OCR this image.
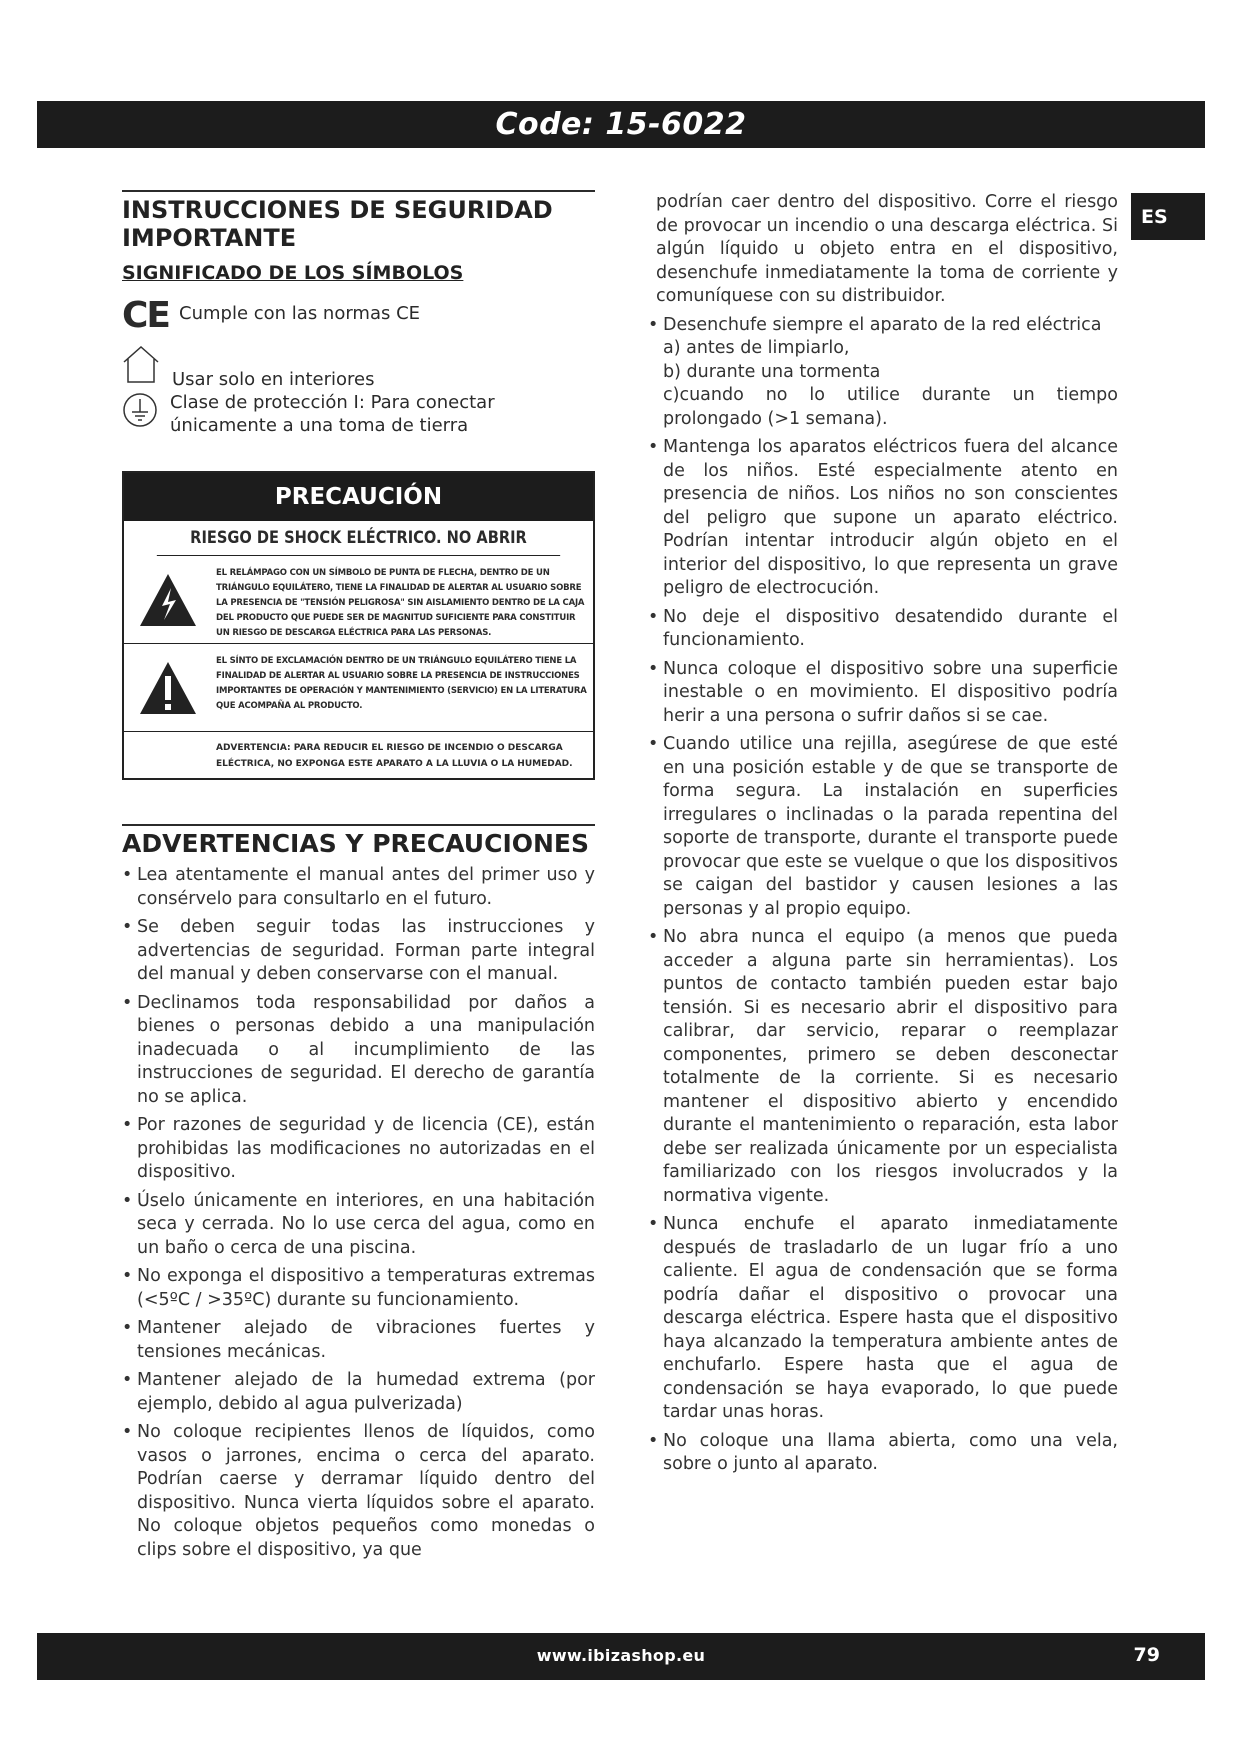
Code: 15-6022
ES
INSTRUCCIONES DE SEGURIDAD IMPORTANTE
SIGNIFICADO DE LOS SÍMBOLOS
CE Cumple con las normas CE
Usar solo en interiores
Clase de protección I: Para conectar únicamente a una toma de tierra
PRECAUCIÓN
RIESGO DE SHOCK ELÉCTRICO. NO ABRIR
EL RELÁMPAGO CON UN SÍMBOLO DE PUNTA DE FLECHA, DENTRO DE UN TRIÁNGULO EQUILÁTERO, TIENE LA FINALIDAD DE ALERTAR AL USUARIO SOBRE LA PRESENCIA DE "TENSIÓN PELIGROSA" SIN AISLAMIENTO DENTRO DE LA CAJA DEL PRODUCTO QUE PUEDE SER DE MAGNITUD SUFICIENTE PARA CONSTITUIR UN RIESGO DE DESCARGA ELÉCTRICA PARA LAS PERSONAS.
EL SÍNTO DE EXCLAMACIÓN DENTRO DE UN TRIÁNGULO EQUILÁTERO TIENE LA FINALIDAD DE ALERTAR AL USUARIO SOBRE LA PRESENCIA DE INSTRUCCIONES IMPORTANTES DE OPERACIÓN Y MANTENIMIENTO (SERVICIO) EN LA LITERATURA QUE ACOMPAÑA AL PRODUCTO.
ADVERTENCIA: PARA REDUCIR EL RIESGO DE INCENDIO O DESCARGA ELÉCTRICA, NO EXPONGA ESTE APARATO A LA LLUVIA O LA HUMEDAD.
ADVERTENCIAS Y PRECAUCIONES
• Lea atentamente el manual antes del primer uso y consérvelo para consultarlo en el futuro.
• Se deben seguir todas las instrucciones y advertencias de seguridad. Forman parte integral del manual y deben conservarse con el manual.
• Declinamos toda responsabilidad por daños a bienes o personas debido a una manipulación inadecuada o al incumplimiento de las instrucciones de seguridad. El derecho de garantía no se aplica.
• Por razones de seguridad y de licencia (CE), están prohibidas las modificaciones no autorizadas en el dispositivo.
• Úselo únicamente en interiores, en una habitación seca y cerrada. No lo use cerca del agua, como en un baño o cerca de una piscina.
• No exponga el dispositivo a temperaturas extremas (<5ºC / >35ºC) durante su funcionamiento.
• Mantener alejado de vibraciones fuertes y tensiones mecánicas.
• Mantener alejado de la humedad extrema (por ejemplo, debido al agua pulverizada)
• No coloque recipientes llenos de líquidos, como vasos o jarrones, encima o cerca del aparato. Podrían caerse y derramar líquido dentro del dispositivo. Nunca vierta líquidos sobre el aparato. No coloque objetos pequeños como monedas o clips sobre el dispositivo, ya que
podrían caer dentro del dispositivo. Corre el riesgo de provocar un incendio o una descarga eléctrica. Si algún líquido u objeto entra en el dispositivo, desenchufe inmediatamente la toma de corriente y comuníquese con su distribuidor.
• Desenchufe siempre el aparato de la red eléctrica
a) antes de limpiarlo,
b) durante una tormenta
c)cuando no lo utilice durante un tiempo prolongado (>1 semana).
• Mantenga los aparatos eléctricos fuera del alcance de los niños. Esté especialmente atento en presencia de niños. Los niños no son conscientes del peligro que supone un aparato eléctrico. Podrían intentar introducir algún objeto en el interior del dispositivo, lo que representa un grave peligro de electrocución.
• No deje el dispositivo desatendido durante el funcionamiento.
• Nunca coloque el dispositivo sobre una superficie inestable o en movimiento. El dispositivo podría herir a una persona o sufrir daños si se cae.
• Cuando utilice una rejilla, asegúrese de que esté en una posición estable y de que se transporte de forma segura. La instalación en superficies irregulares o inclinadas o la parada repentina del soporte de transporte, durante el transporte puede provocar que este se vuelque o que los dispositivos se caigan del bastidor y causen lesiones a las personas y al propio equipo.
• No abra nunca el equipo (a menos que pueda acceder a alguna parte sin herramientas). Los puntos de contacto también pueden estar bajo tensión. Si es necesario abrir el dispositivo para calibrar, dar servicio, reparar o reemplazar componentes, primero se deben desconectar totalmente de la corriente. Si es necesario mantener el dispositivo abierto y encendido durante el mantenimiento o reparación, esta labor debe ser realizada únicamente por un especialista familiarizado con los riesgos involucrados y la normativa vigente.
• Nunca enchufe el aparato inmediatamente después de trasladarlo de un lugar frío a uno caliente. El agua de condensación que se forma podría dañar el dispositivo o provocar una descarga eléctrica. Espere hasta que el dispositivo haya alcanzado la temperatura ambiente antes de enchufarlo. Espere hasta que el agua de condensación se haya evaporado, lo que puede tardar unas horas.
• No coloque una llama abierta, como una vela, sobre o junto al aparato.
www.ibizashop.eu	79
